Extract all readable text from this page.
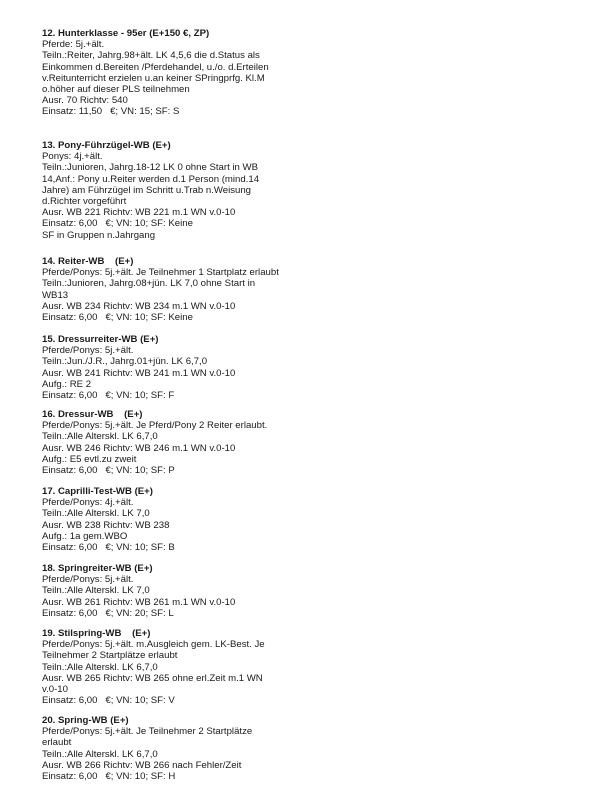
12. Hunterklasse - 95er (E+150 €, ZP)
Pferde: 5j.+ält.
Teiln.:Reiter, Jahrg.98+ält. LK 4,5,6 die d.Status als
Einkommen d.Bereiten /Pferdehandel, u./o. d.Erteilen
v.Reitunterricht erzielen u.an keiner SPringprfg. Kl.M
o.höher auf dieser PLS teilnehmen
Ausr. 70 Richtv: 540
Einsatz: 11,50   €; VN: 15; SF: S
13. Pony-Führzügel-WB (E+)
Ponys: 4j.+ält.
Teiln.:Junioren, Jahrg.18-12 LK 0 ohne Start in WB
14,Anf.: Pony u.Reiter werden d.1 Person (mind.14
Jahre) am Führzügel im Schritt u.Trab n.Weisung
d.Richter vorgeführt
Ausr. WB 221 Richtv: WB 221 m.1 WN v.0-10
Einsatz: 6,00   €; VN: 10; SF: Keine
SF in Gruppen n.Jahrgang
14. Reiter-WB    (E+)
Pferde/Ponys: 5j.+ält. Je Teilnehmer 1 Startplatz erlaubt
Teiln.:Junioren, Jahrg.08+jün. LK 7,0 ohne Start in
WB13
Ausr. WB 234 Richtv: WB 234 m.1 WN v.0-10
Einsatz: 6,00   €; VN: 10; SF: Keine
15. Dressurreiter-WB (E+)
Pferde/Ponys: 5j.+ält.
Teiln.:Jun./J.R., Jahrg.01+jün. LK 6,7,0
Ausr. WB 241 Richtv: WB 241 m.1 WN v.0-10
Aufg.: RE 2
Einsatz: 6,00   €; VN: 10; SF: F
16. Dressur-WB    (E+)
Pferde/Ponys: 5j.+ält. Je Pferd/Pony 2 Reiter erlaubt.
Teiln.:Alle Alterskl. LK 6,7,0
Ausr. WB 246 Richtv: WB 246 m.1 WN v.0-10
Aufg.: E5 evtl.zu zweit
Einsatz: 6,00   €; VN: 10; SF: P
17. Caprilli-Test-WB (E+)
Pferde/Ponys: 4j.+ält.
Teiln.:Alle Alterskl. LK 7,0
Ausr. WB 238 Richtv: WB 238
Aufg.: 1a gem.WBO
Einsatz: 6,00   €; VN: 10; SF: B
18. Springreiter-WB (E+)
Pferde/Ponys: 5j.+ält.
Teiln.:Alle Alterskl. LK 7,0
Ausr. WB 261 Richtv: WB 261 m.1 WN v.0-10
Einsatz: 6,00   €; VN: 20; SF: L
19. Stilspring-WB    (E+)
Pferde/Ponys: 5j.+ält. m.Ausgleich gem. LK-Best. Je
Teilnehmer 2 Startplätze erlaubt
Teiln.:Alle Alterskl. LK 6,7,0
Ausr. WB 265 Richtv: WB 265 ohne erl.Zeit m.1 WN
v.0-10
Einsatz: 6,00   €; VN: 10; SF: V
20. Spring-WB (E+)
Pferde/Ponys: 5j.+ält. Je Teilnehmer 2 Startplätze
erlaubt
Teiln.:Alle Alterskl. LK 6,7,0
Ausr. WB 266 Richtv: WB 266 nach Fehler/Zeit
Einsatz: 6,00   €; VN: 10; SF: H
